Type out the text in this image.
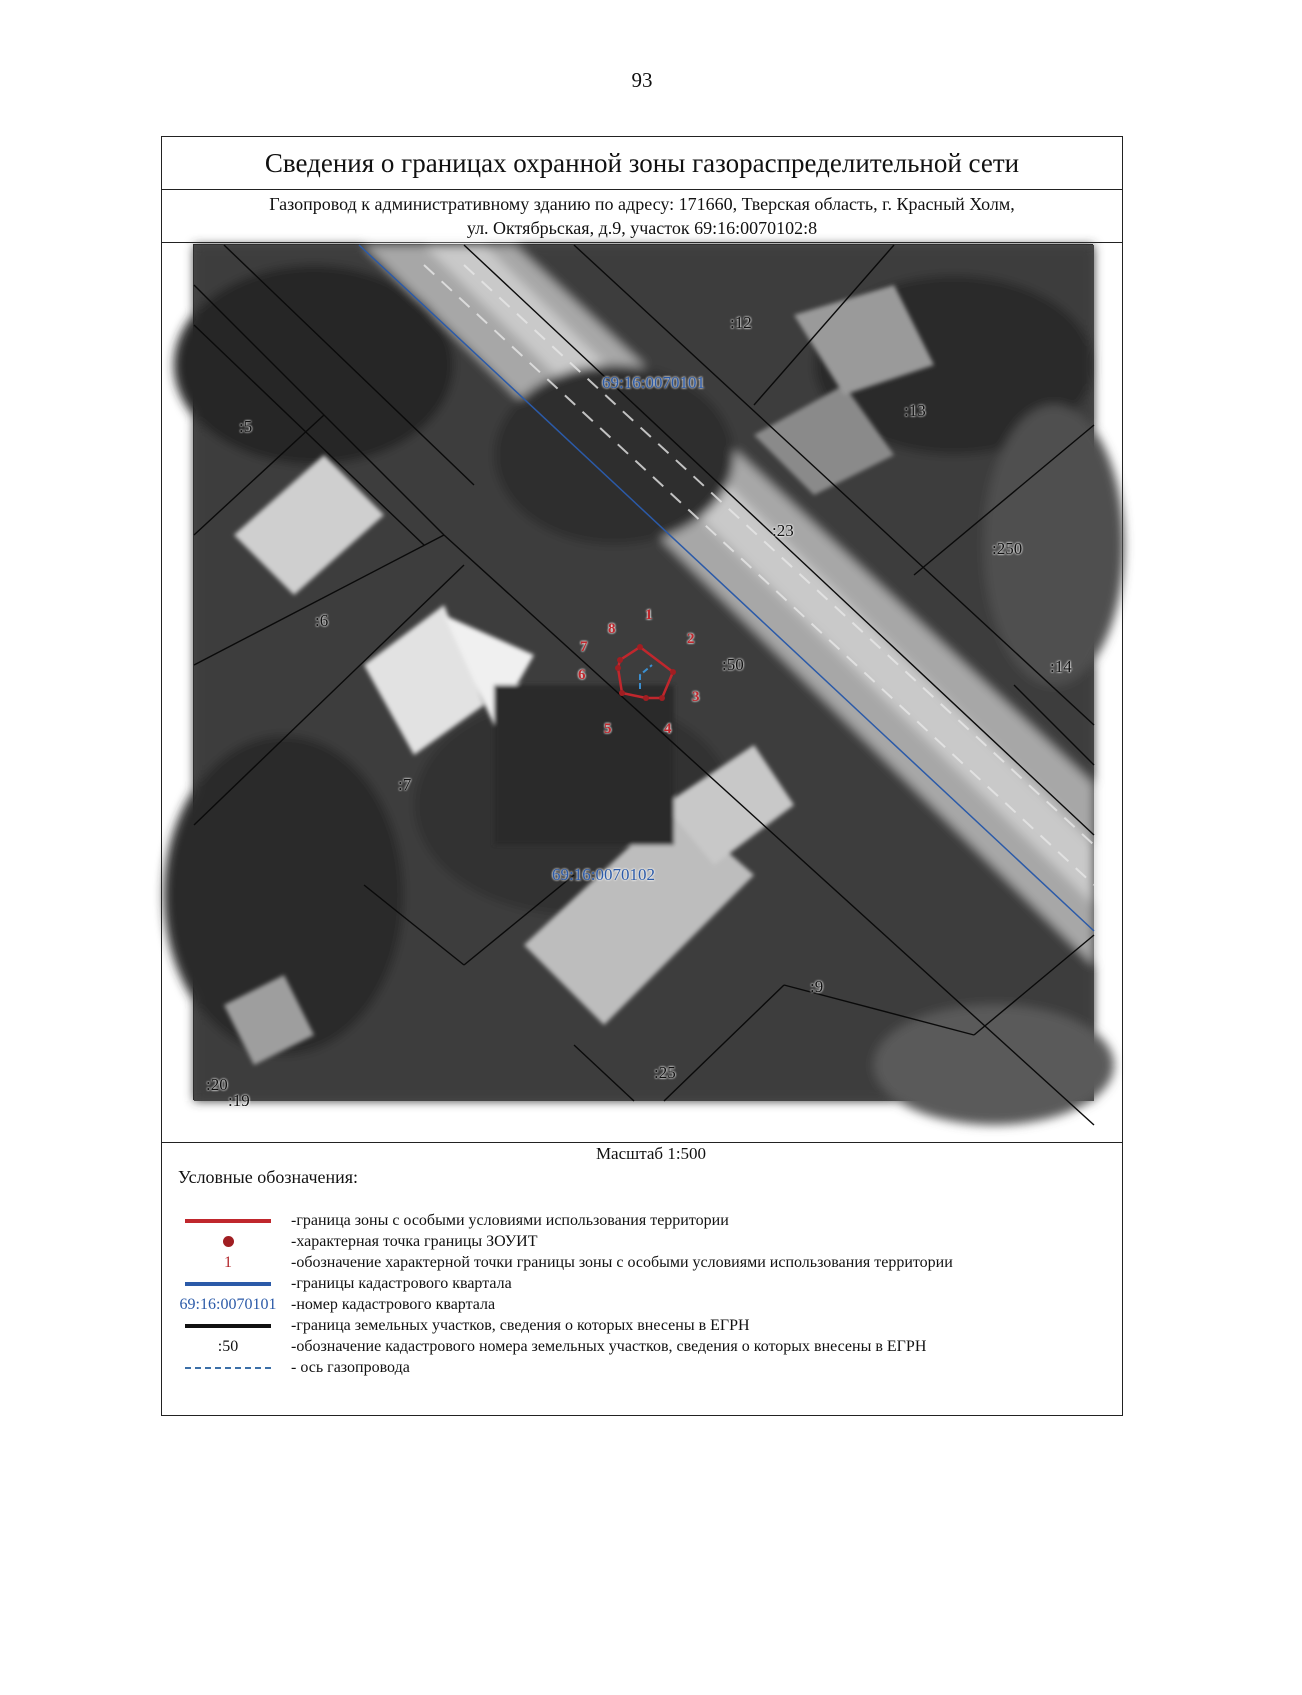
93
Сведения о границах охранной зоны газораспределительной сети
Газопровод к административному зданию по адресу: 171660, Тверская область, г. Красный Холм,
ул. Октябрьская, д.9, участок 69:16:0070102:8
69:16:0070101
69:16:0070102
:12
:13
:5
:23
:250
:6
:50	:14
:7
:9
:20
:25
:19
1
2
3
4
5
6
7
8
Масштаб 1:500
Условные обозначения:
-граница зоны с особыми условиями использования территории
-характерная точка границы ЗОУИТ
1	-обозначение характерной точки границы зоны с особыми условиями использования территории
-границы кадастрового квартала
69:16:0070101 -номер кадастрового квартала
-граница земельных участков, сведения о которых внесены в ЕГРН
:50	-обозначение кадастрового номера земельных участков, сведения о которых внесены в ЕГРН
- ось газопровода
